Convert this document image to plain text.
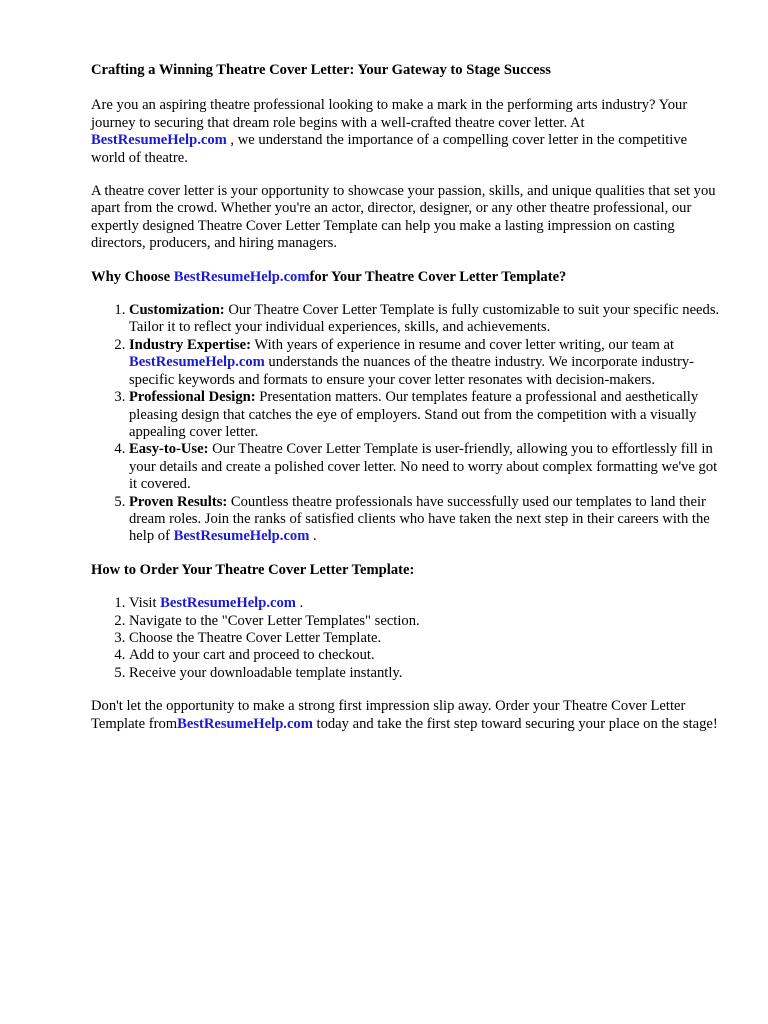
Crafting a Winning Theatre Cover Letter: Your Gateway to Stage Success

Are you an aspiring theatre professional looking to make a mark in the performing arts industry? Your journey to securing that dream role begins with a well-crafted theatre cover letter. At BestResumeHelp.com , we understand the importance of a compelling cover letter in the competitive world of theatre.

A theatre cover letter is your opportunity to showcase your passion, skills, and unique qualities that set you apart from the crowd. Whether you're an actor, director, designer, or any other theatre professional, our expertly designed Theatre Cover Letter Template can help you make a lasting impression on casting directors, producers, and hiring managers.

Why Choose BestResumeHelp.comfor Your Theatre Cover Letter Template?

1. Customization: Our Theatre Cover Letter Template is fully customizable to suit your specific needs. Tailor it to reflect your individual experiences, skills, and achievements.
2. Industry Expertise: With years of experience in resume and cover letter writing, our team at BestResumeHelp.com understands the nuances of the theatre industry. We incorporate industry-specific keywords and formats to ensure your cover letter resonates with decision-makers.
3. Professional Design: Presentation matters. Our templates feature a professional and aesthetically pleasing design that catches the eye of employers. Stand out from the competition with a visually appealing cover letter.
4. Easy-to-Use: Our Theatre Cover Letter Template is user-friendly, allowing you to effortlessly fill in your details and create a polished cover letter. No need to worry about complex formatting we've got it covered.
5. Proven Results: Countless theatre professionals have successfully used our templates to land their dream roles. Join the ranks of satisfied clients who have taken the next step in their careers with the help of BestResumeHelp.com .

How to Order Your Theatre Cover Letter Template:

1. Visit BestResumeHelp.com .
2. Navigate to the "Cover Letter Templates" section.
3. Choose the Theatre Cover Letter Template.
4. Add to your cart and proceed to checkout.
5. Receive your downloadable template instantly.

Don't let the opportunity to make a strong first impression slip away. Order your Theatre Cover Letter Template fromBestResumeHelp.com today and take the first step toward securing your place on the stage!
